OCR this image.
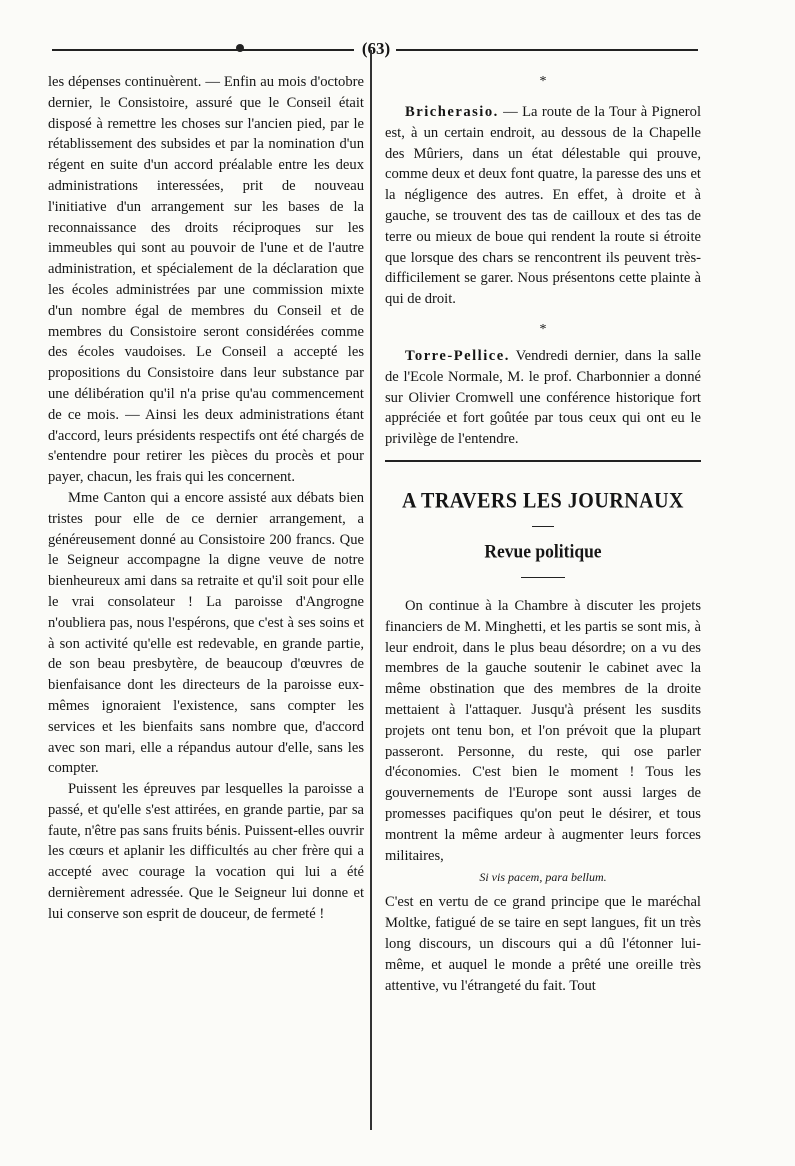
(63)

les dépenses continuèrent. — Enfin au mois d'octobre dernier, le Consistoire, assuré que le Conseil était disposé à remettre les choses sur l'ancien pied, par le rétablissement des subsides et par la nomination d'un régent en suite d'un accord préalable entre les deux administrations interessées, prit de nouveau l'initiative d'un arrangement sur les bases de la reconnaissance des droits réciproques sur les immeubles qui sont au pouvoir de l'une et de l'autre administration, et spécialement de la déclaration que les écoles administrées par une commission mixte d'un nombre égal de membres du Conseil et de membres du Consistoire seront considérées comme des écoles vaudoises. Le Conseil a accepté les propositions du Consistoire dans leur substance par une délibération qu'il n'a prise qu'au commencement de ce mois. — Ainsi les deux administrations étant d'accord, leurs présidents respectifs ont été chargés de s'entendre pour retirer les pièces du procès et pour payer, chacun, les frais qui les concernent.

Mme Canton qui a encore assisté aux débats bien tristes pour elle de ce dernier arrangement, a généreusement donné au Consistoire 200 francs. Que le Seigneur accompagne la digne veuve de notre bienheureux ami dans sa retraite et qu'il soit pour elle le vrai consolateur ! La paroisse d'Angrogne n'oubliera pas, nous l'espérons, que c'est à ses soins et à son activité qu'elle est redevable, en grande partie, de son beau presbytère, de beaucoup d'œuvres de bienfaisance dont les directeurs de la paroisse eux-mêmes ignoraient l'existence, sans compter les services et les bienfaits sans nombre que, d'accord avec son mari, elle a répandus autour d'elle, sans les compter.

Puissent les épreuves par lesquelles la paroisse a passé, et qu'elle s'est attirées, en grande partie, par sa faute, n'être pas sans fruits bénis. Puissent-elles ouvrir les cœurs et aplanir les difficultés au cher frère qui a accepté avec courage la vocation qui lui a été dernièrement adressée. Que le Seigneur lui donne et lui conserve son esprit de douceur, de fermeté !

*

Bricherasio. — La route de la Tour à Pignerol est, à un certain endroit, au dessous de la Chapelle des Mûriers, dans un état délestable qui prouve, comme deux et deux font quatre, la paresse des uns et la négligence des autres. En effet, à droite et à gauche, se trouvent des tas de cailloux et des tas de terre ou mieux de boue qui rendent la route si étroite que lorsque des chars se rencontrent ils peuvent très-difficilement se garer. Nous présentons cette plainte à qui de droit.

*

Torre-Pellice. Vendredi dernier, dans la salle de l'Ecole Normale, M. le prof. Charbonnier a donné sur Olivier Cromwell une conférence historique fort appréciée et fort goûtée par tous ceux qui ont eu le privilège de l'entendre.

A TRAVERS LES JOURNAUX
Revue politique

On continue à la Chambre à discuter les projets financiers de M. Minghetti, et les partis se sont mis, à leur endroit, dans le plus beau désordre; on a vu des membres de la gauche soutenir le cabinet avec la même obstination que des membres de la droite mettaient à l'attaquer. Jusqu'à présent les susdits projets ont tenu bon, et l'on prévoit que la plupart passeront. Personne, du reste, qui ose parler d'économies. C'est bien le moment ! Tous les gouvernements de l'Europe sont aussi larges de promesses pacifiques qu'on peut le désirer, et tous montrent la même ardeur à augmenter leurs forces militaires,

Si vis pacem, para bellum.

C'est en vertu de ce grand principe que le maréchal Moltke, fatigué de se taire en sept langues, fit un très long discours, un discours qui a dû l'étonner lui-même, et auquel le monde a prêté une oreille très attentive, vu l'étrangeté du fait. Tout
